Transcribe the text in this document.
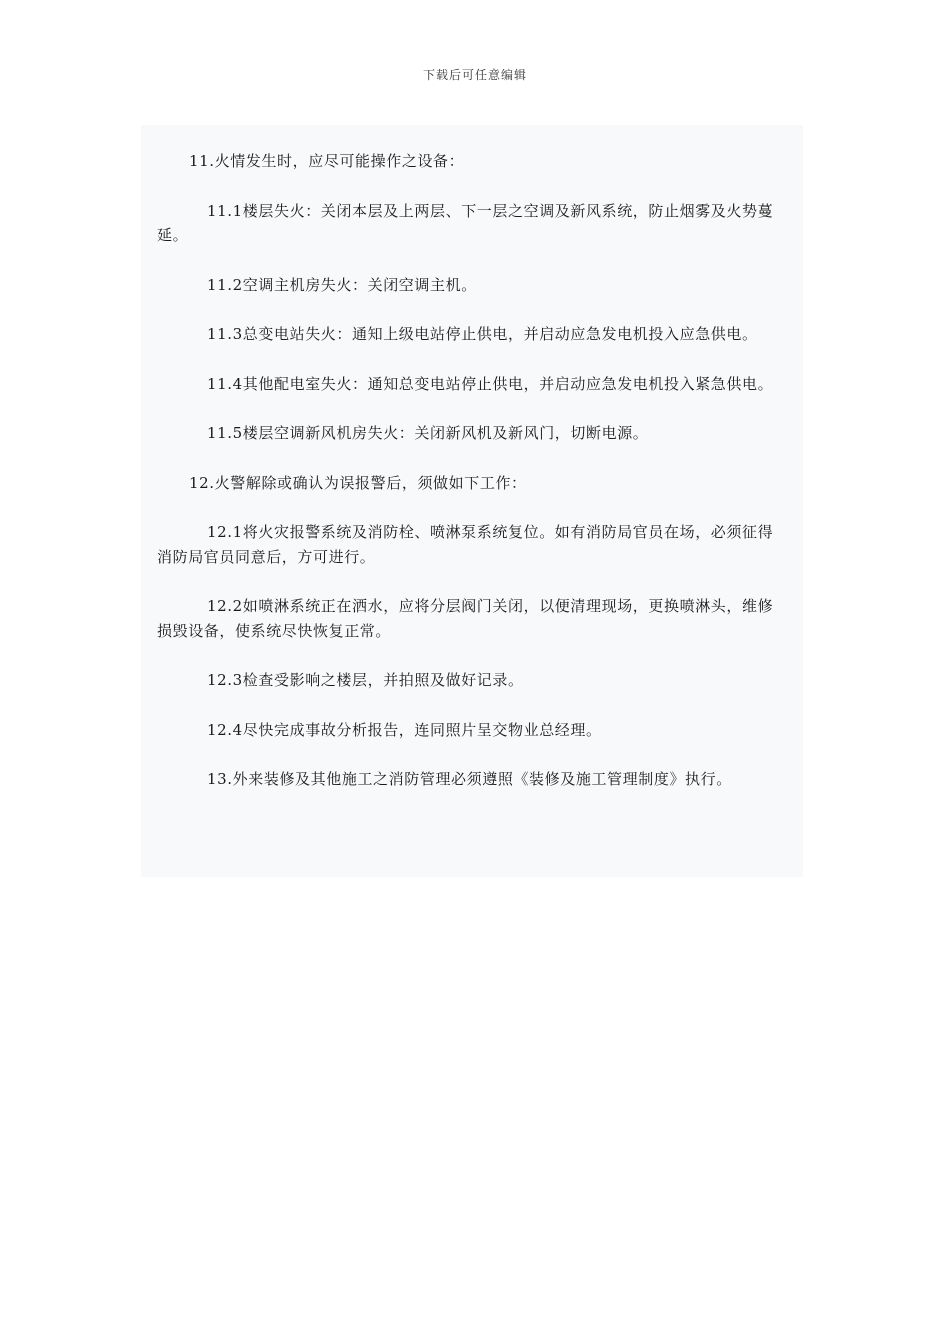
下载后可任意编辑

11.火情发生时，应尽可能操作之设备：

11.1楼层失火：关闭本层及上两层、下一层之空调及新风系统，防止烟雾及火势蔓延。

11.2空调主机房失火：关闭空调主机。

11.3总变电站失火：通知上级电站停止供电，并启动应急发电机投入应急供电。

11.4其他配电室失火：通知总变电站停止供电，并启动应急发电机投入紧急供电。

11.5楼层空调新风机房失火：关闭新风机及新风门，切断电源。

12.火警解除或确认为误报警后，须做如下工作：

12.1将火灾报警系统及消防栓、喷淋泵系统复位。如有消防局官员在场，必须征得消防局官员同意后，方可进行。

12.2如喷淋系统正在洒水，应将分层阀门关闭，以便清理现场，更换喷淋头，维修损毁设备，使系统尽快恢复正常。

12.3检查受影响之楼层，并拍照及做好记录。

12.4尽快完成事故分析报告，连同照片呈交物业总经理。

13.外来装修及其他施工之消防管理必须遵照《装修及施工管理制度》执行。
